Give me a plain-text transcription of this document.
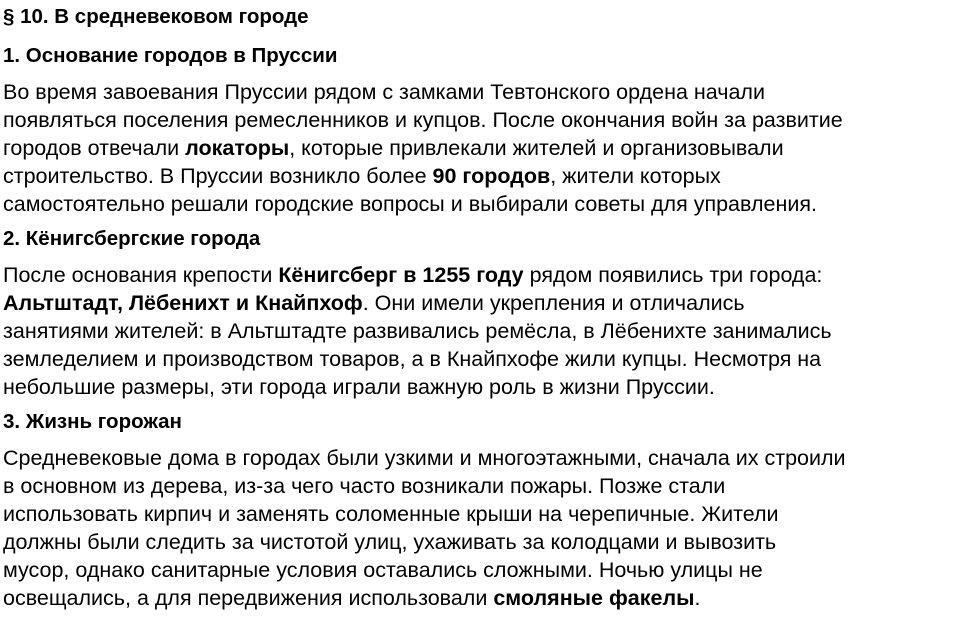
§ 10. В средневековом городе
1. Основание городов в Пруссии
Во время завоевания Пруссии рядом с замками Тевтонского ордена начали
появляться поселения ремесленников и купцов. После окончания войн за развитие
городов отвечали локаторы, которые привлекали жителей и организовывали
строительство. В Пруссии возникло более 90 городов, жители которых
самостоятельно решали городские вопросы и выбирали советы для управления.
2. Кёнигсбергские города
После основания крепости Кёнигсберг в 1255 году рядом появились три города:
Альтштадт, Лёбенихт и Кнайпхоф. Они имели укрепления и отличались
занятиями жителей: в Альтштадте развивались ремёсла, в Лёбенихте занимались
земледелием и производством товаров, а в Кнайпхофе жили купцы. Несмотря на
небольшие размеры, эти города играли важную роль в жизни Пруссии.
3. Жизнь горожан
Средневековые дома в городах были узкими и многоэтажными, сначала их строили
в основном из дерева, из-за чего часто возникали пожары. Позже стали
использовать кирпич и заменять соломенные крыши на черепичные. Жители
должны были следить за чистотой улиц, ухаживать за колодцами и вывозить
мусор, однако санитарные условия оставались сложными. Ночью улицы не
освещались, а для передвижения использовали смоляные факелы.
